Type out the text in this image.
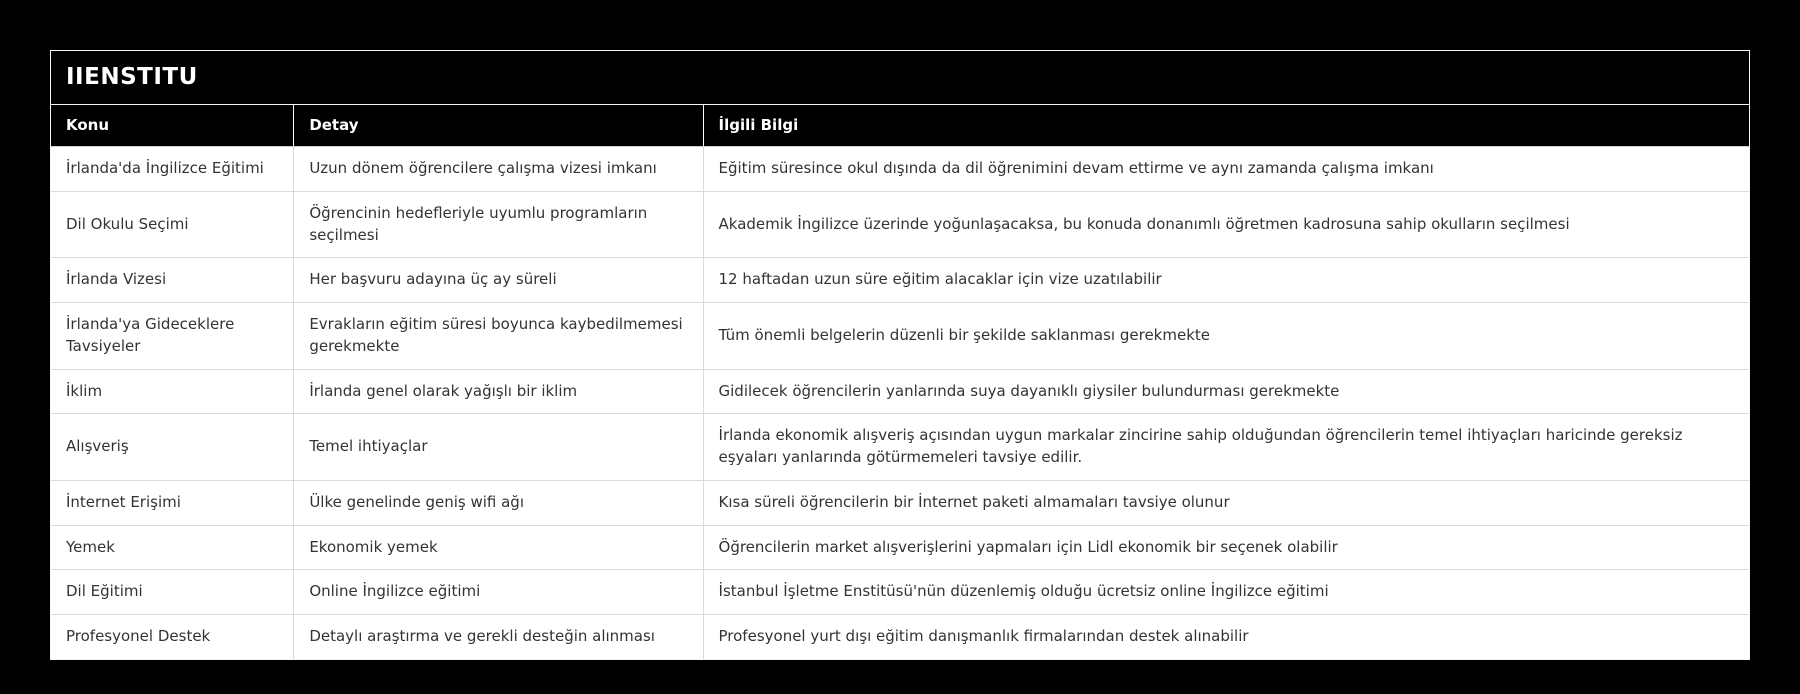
IIENSTITU
Konu	Detay	İlgili Bilgi
İrlanda'da İngilizce Eğitimi	Uzun dönem öğrencilere çalışma vizesi imkanı	Eğitim süresince okul dışında da dil öğrenimini devam ettirme ve aynı zamanda çalışma imkanı
Dil Okulu Seçimi	Öğrencinin hedefleriyle uyumlu programların seçilmesi	Akademik İngilizce üzerinde yoğunlaşacaksa, bu konuda donanımlı öğretmen kadrosuna sahip okulların seçilmesi
İrlanda Vizesi	Her başvuru adayına üç ay süreli	12 haftadan uzun süre eğitim alacaklar için vize uzatılabilir
İrlanda'ya Gideceklere Tavsiyeler	Evrakların eğitim süresi boyunca kaybedilmemesi gerekmekte	Tüm önemli belgelerin düzenli bir şekilde saklanması gerekmekte
İklim	İrlanda genel olarak yağışlı bir iklim	Gidilecek öğrencilerin yanlarında suya dayanıklı giysiler bulundurması gerekmekte
Alışveriş	Temel ihtiyaçlar	İrlanda ekonomik alışveriş açısından uygun markalar zincirine sahip olduğundan öğrencilerin temel ihtiyaçları haricinde gereksiz eşyaları yanlarında götürmemeleri tavsiye edilir.
İnternet Erişimi	Ülke genelinde geniş wifi ağı	Kısa süreli öğrencilerin bir İnternet paketi almamaları tavsiye olunur
Yemek	Ekonomik yemek	Öğrencilerin market alışverişlerini yapmaları için Lidl ekonomik bir seçenek olabilir
Dil Eğitimi	Online İngilizce eğitimi	İstanbul İşletme Enstitüsü'nün düzenlemiş olduğu ücretsiz online İngilizce eğitimi
Profesyonel Destek	Detaylı araştırma ve gerekli desteğin alınması	Profesyonel yurt dışı eğitim danışmanlık firmalarından destek alınabilir
